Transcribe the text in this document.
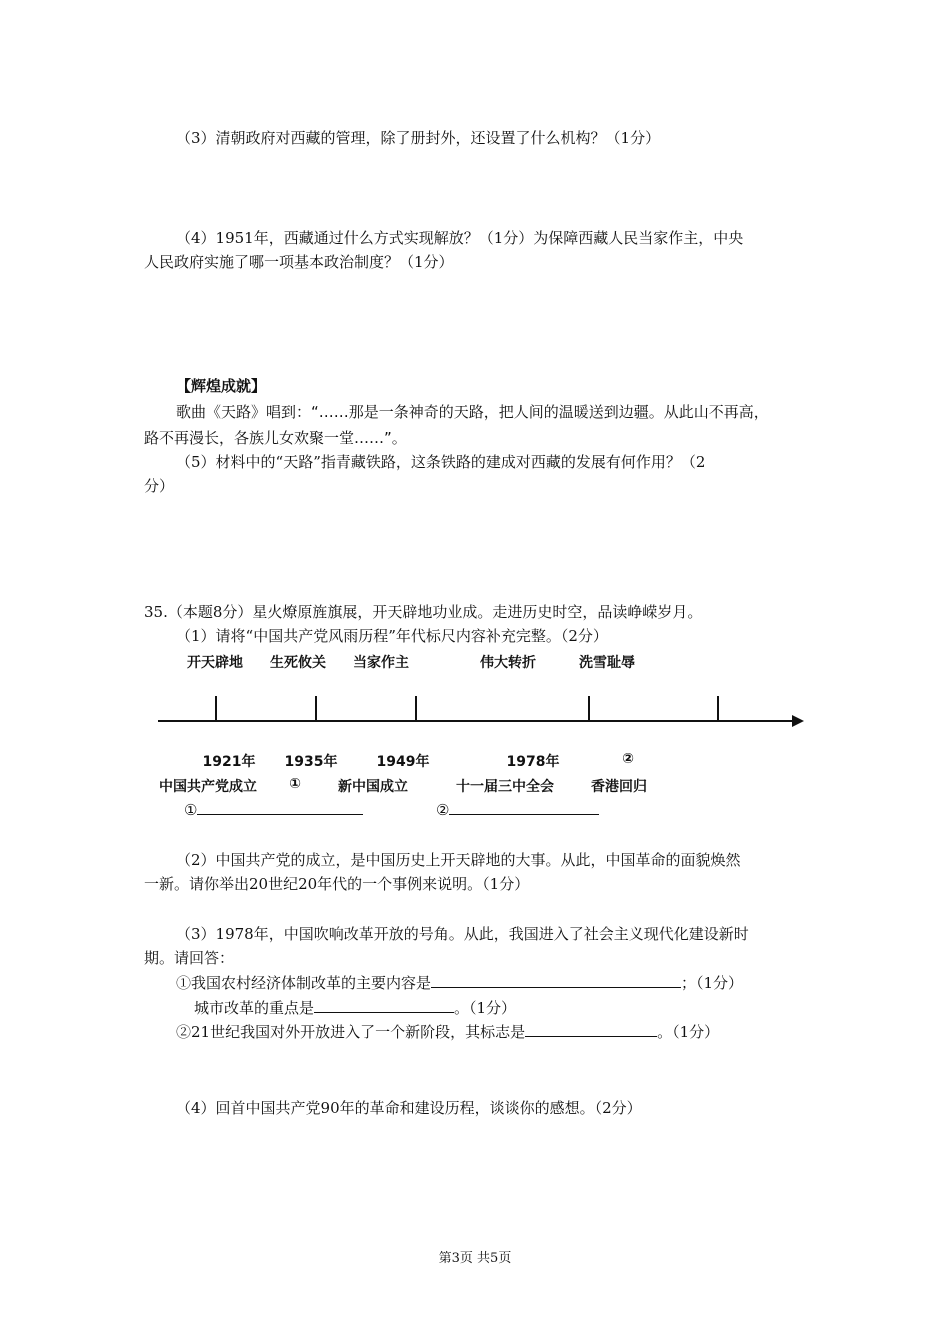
（3）清朝政府对西藏的管理，除了册封外，还设置了什么机构？（1分）
（4）1951年，西藏通过什么方式实现解放？（1分）为保障西藏人民当家作主，中央
人民政府实施了哪一项基本政治制度？（1分）
【辉煌成就】
歌曲《天路》唱到：“……那是一条神奇的天路，把人间的温暖送到边疆。从此山不再高，
路不再漫长，各族儿女欢聚一堂……”。
（5）材料中的“天路”指青藏铁路，这条铁路的建成对西藏的发展有何作用？（2
分）
35.（本题8分）星火燎原旌旗展，开天辟地功业成。走进历史时空，品读峥嵘岁月。
（1）请将“中国共产党风雨历程”年代标尺内容补充完整。（2分）
开天辟地 生死攸关 当家作主	伟大转折	洗雪耻辱
1921年 1935年	1949年	1978年	②
中国共产党成立 ①	新中国成立	十一届三中全会	香港回归
①	②
（2）中国共产党的成立，是中国历史上开天辟地的大事。从此，中国革命的面貌焕然
一新。请你举出20世纪20年代的一个事例来说明。（1分）
（3）1978年，中国吹响改革开放的号角。从此，我国进入了社会主义现代化建设新时
期。请回答：
①我国农村经济体制改革的主要内容是	；（1分）
城市改革的重点是	。（1分）
②21世纪我国对外开放进入了一个新阶段，其标志是	。（1分）
（4）回首中国共产党90年的革命和建设历程，谈谈你的感想。（2分）
第3页 共5页
